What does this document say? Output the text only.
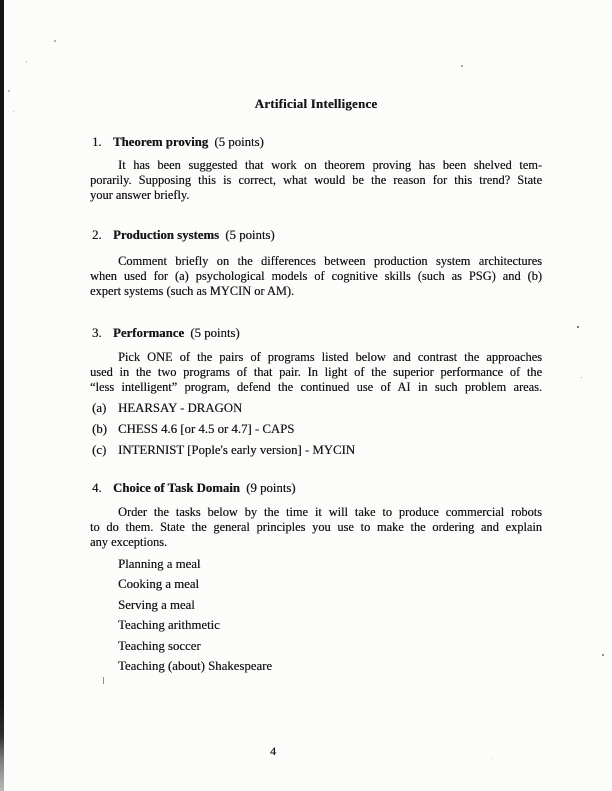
Artificial Intelligence
1. Theorem proving (5 points)
It has been suggested that work on theorem proving has been shelved tem-
porarily. Supposing this is correct, what would be the reason for this trend? State
your answer briefly.
2. Production systems (5 points)
Comment briefly on the differences between production system architectures
when used for (a) psychological models of cognitive skills (such as PSG) and (b)
expert systems (such as MYCIN or AM).
3. Performance (5 points)
Pick ONE of the pairs of programs listed below and contrast the approaches
used in the two programs of that pair. In light of the superior performance of the
“less intelligent” program, defend the continued use of AI in such problem areas.
(a) HEARSAY - DRAGON
(b) CHESS 4.6 [or 4.5 or 4.7] - CAPS
(c) INTERNIST [Pople's early version] - MYCIN
4. Choice of Task Domain (9 points)
Order the tasks below by the time it will take to produce commercial robots
to do them. State the general principles you use to make the ordering and explain
any exceptions.
Planning a meal
Cooking a meal
Serving a meal
Teaching arithmetic
Teaching soccer
Teaching (about) Shakespeare
4
